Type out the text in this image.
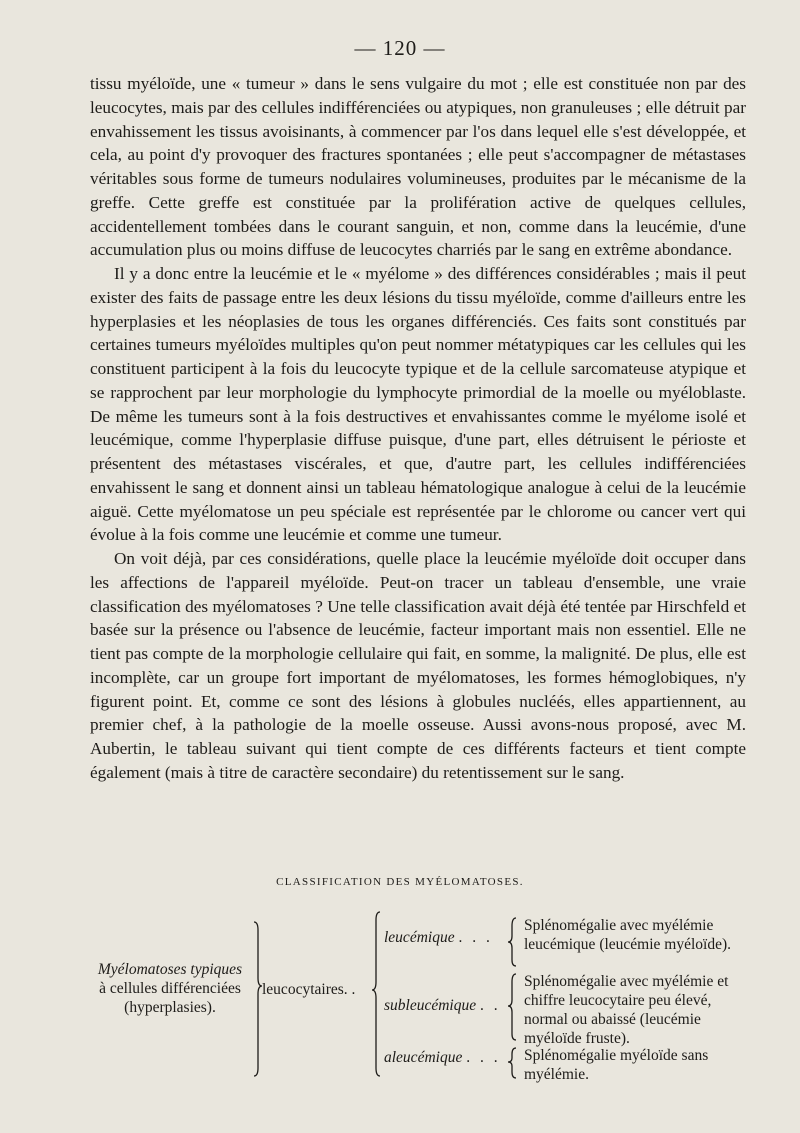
— 120 —

tissu myéloïde, une « tumeur » dans le sens vulgaire du mot ; elle est constituée non par des leucocytes, mais par des cellules indifférenciées ou atypiques, non granuleuses ; elle détruit par envahissement les tissus avoisinants, à commencer par l'os dans lequel elle s'est développée, et cela, au point d'y provoquer des fractures spontanées ; elle peut s'accompagner de métastases véritables sous forme de tumeurs nodulaires volumineuses, produites par le mécanisme de la greffe. Cette greffe est constituée par la prolifération active de quelques cellules, accidentellement tombées dans le courant sanguin, et non, comme dans la leucémie, d'une accumulation plus ou moins diffuse de leucocytes charriés par le sang en extrême abondance.

Il y a donc entre la leucémie et le « myélome » des différences considérables ; mais il peut exister des faits de passage entre les deux lésions du tissu myéloïde, comme d'ailleurs entre les hyperplasies et les néoplasies de tous les organes différenciés. Ces faits sont constitués par certaines tumeurs myéloïdes multiples qu'on peut nommer métatypiques car les cellules qui les constituent participent à la fois du leucocyte typique et de la cellule sarcomateuse atypique et se rapprochent par leur morphologie du lymphocyte primordial de la moelle ou myéloblaste. De même les tumeurs sont à la fois destructives et envahissantes comme le myélome isolé et leucémique, comme l'hyperplasie diffuse puisque, d'une part, elles détruisent le périoste et présentent des métastases viscérales, et que, d'autre part, les cellules indifférenciées envahissent le sang et donnent ainsi un tableau hématologique analogue à celui de la leucémie aiguë. Cette myélomatose un peu spéciale est représentée par le chlorome ou cancer vert qui évolue à la fois comme une leucémie et comme une tumeur.

On voit déjà, par ces considérations, quelle place la leucémie myéloïde doit occuper dans les affections de l'appareil myéloïde. Peut-on tracer un tableau d'ensemble, une vraie classification des myélomatoses ? Une telle classification avait déjà été tentée par Hirschfeld et basée sur la présence ou l'absence de leucémie, facteur important mais non essentiel. Elle ne tient pas compte de la morphologie cellulaire qui fait, en somme, la malignité. De plus, elle est incomplète, car un groupe fort important de myélomatoses, les formes hémoglobiques, n'y figurent point. Et, comme ce sont des lésions à globules nucléés, elles appartiennent, au premier chef, à la pathologie de la moelle osseuse. Aussi avons-nous proposé, avec M. Aubertin, le tableau suivant qui tient compte de ces différents facteurs et tient compte également (mais à titre de caractère secondaire) du retentissement sur le sang.

CLASSIFICATION DES MYÉLOMATOSES.
Myélomatoses typiques
à cellules différenciées (hyperplasies).
leucocytaires. .
leucémique . . .
subleucémique . .
aleucémique . . .
Splénomégalie avec myélémie leucémique (leucémie myéloïde).
Splénomégalie avec myélémie et chiffre leucocytaire peu élevé, normal ou abaissé (leucémie myéloïde fruste).
Splénomégalie myéloïde sans myélémie.
